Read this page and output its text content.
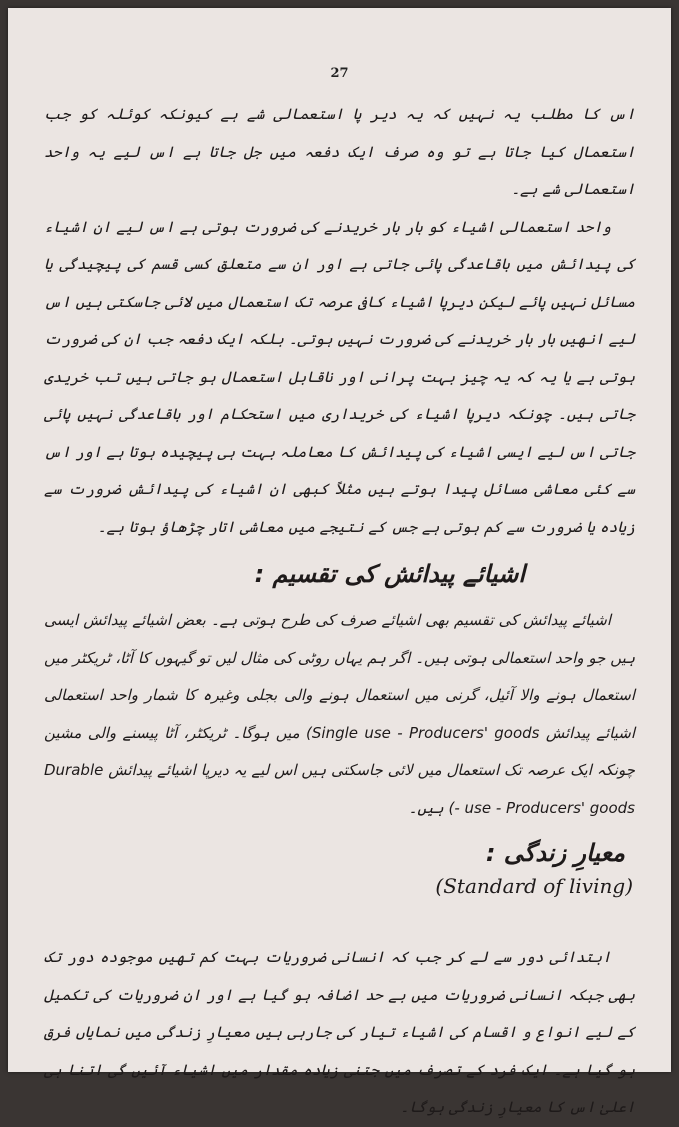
27

اس کا مطلب یہ نہیں کہ یہ دیر پا استعمالی شے ہے کیونکہ کوئلہ کو جب استعمال کیا جاتا ہے تو وہ صرف ایک دفعہ میں جل جاتا ہے اس لیے یہ واحد استعمالی شے ہے۔

واحد استعمالی اشیاء کو بار بار خریدنے کی ضرورت ہوتی ہے اس لیے ان اشیاء کی پیدائش میں باقاعدگی پائی جاتی ہے اور ان سے متعلق کسی قسم کی پیچیدگی یا مسائل نہیں پائے لیکن دیرپا اشیاء کافی عرصہ تک استعمال میں لائی جاسکتی ہیں اس لیے انھیں بار بار خریدنے کی ضرورت نہیں ہوتی۔ بلکہ ایک دفعہ جب ان کی ضرورت ہوتی ہے یا یہ کہ یہ چیز بہت پرانی اور ناقابل استعمال ہو جاتی ہیں تب خریدی جاتی ہیں۔ چونکہ دیرپا اشیاء کی خریداری میں استحکام اور باقاعدگی نہیں پائی جاتی اس لیے ایسی اشیاء کی پیدائش کا معاملہ بہت ہی پیچیدہ ہوتا ہے اور اس سے کئی معاشی مسائل پیدا ہوتے ہیں مثلاً کبھی ان اشیاء کی پیدائش ضرورت سے زیادہ یا ضرورت سے کم ہوتی ہے جس کے نتیجے میں معاشی اتار چڑھاؤ ہوتا ہے۔

اشیائے پیدائش کی تقسیم :

اشیائے پیدائش کی تقسیم بھی اشیائے صرف کی طرح ہوتی ہے۔ بعض اشیائے پیدائش ایسی ہیں جو واحد استعمالی ہوتی ہیں۔ اگر ہم یہاں روٹی کی مثال لیں تو گیہوں کا آٹا، ٹریکٹر میں استعمال ہونے والا آئیل، گرنی میں استعمال ہونے والی بجلی وغیرہ کا شمار واحد استعمالی اشیائے پیدائش Single use - Producers' goods) میں ہوگا۔ ٹریکٹر، آٹا پیسنے والی مشین چونکہ ایک عرصہ تک استعمال میں لائی جاسکتی ہیں اس لیے یہ دیرپا اشیائے پیدائش Durable - use - Producers' goods) ہیں۔

معیارِ زندگی :

(Standard of living)

ابتدائی دور سے لے کر جب کہ انسانی ضروریات بہت کم تھیں موجودہ دور تک بھی جبکہ انسانی ضروریات میں بے حد اضافہ ہو گیا ہے اور ان ضروریات کی تکمیل کے لیے انواع و اقسام کی اشیاء تیار کی جارہی ہیں معیارِ زندگی میں نمایاں فرق ہو گیا ہے۔ ایک فرد کے تصرف میں جتنی زیادہ مقدار میں اشیاء آئیں گی اتنا ہی اعلیٰ اس کا معیارِ زندگی ہوگا۔
